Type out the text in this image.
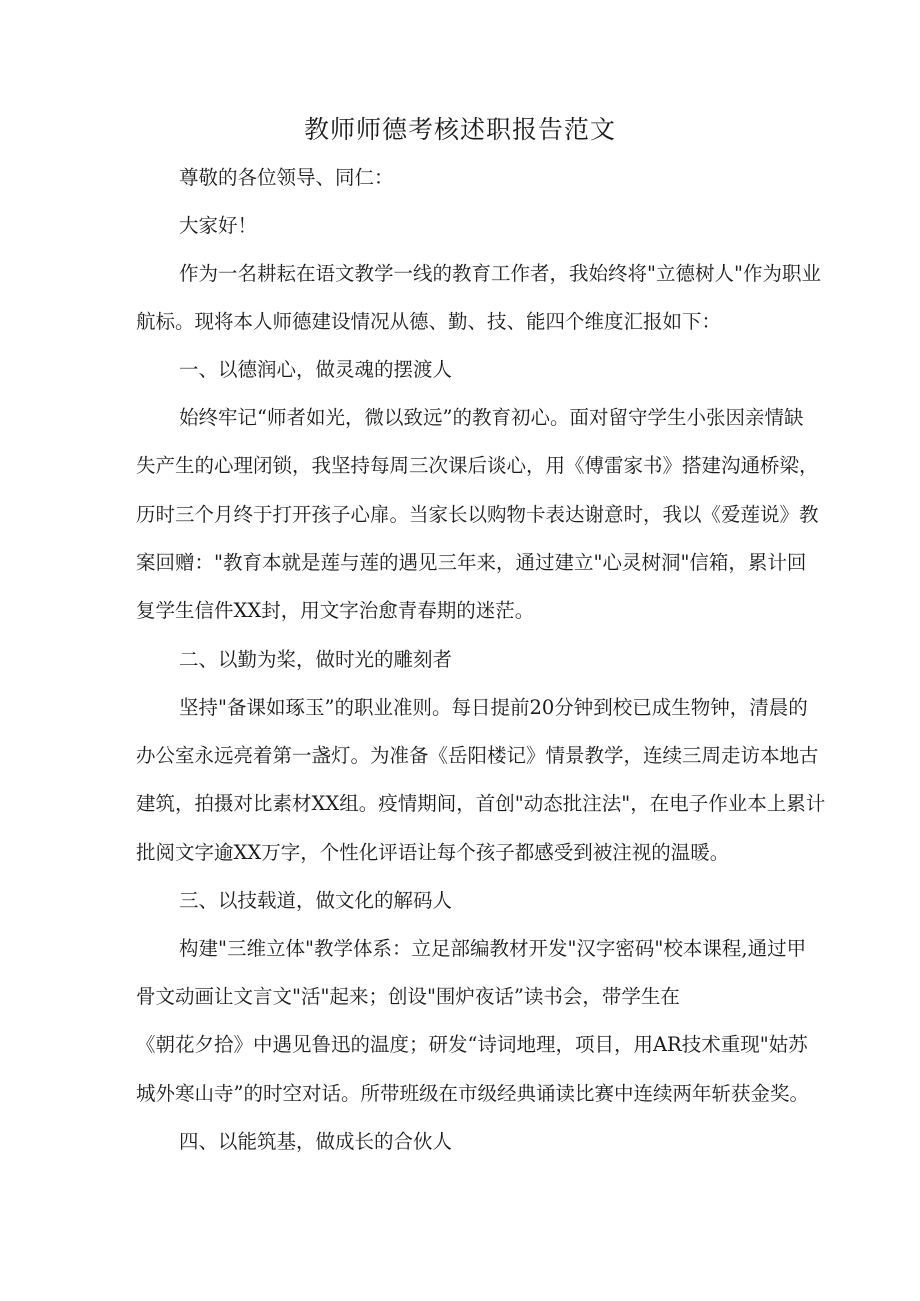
教师师德考核述职报告范文
尊敬的各位领导、同仁：
大家好！
作为一名耕耘在语文教学一线的教育工作者，我始终将"立德树人"作为职业
航标。现将本人师德建设情况从德、勤、技、能四个维度汇报如下：
一、以德润心，做灵魂的摆渡人
始终牢记“师者如光，微以致远”的教育初心。面对留守学生小张因亲情缺
失产生的心理闭锁，我坚持每周三次课后谈心，用《傅雷家书》搭建沟通桥梁，
历时三个月终于打开孩子心扉。当家长以购物卡表达谢意时，我以《爱莲说》教
案回赠："教育本就是莲与莲的遇见三年来，通过建立"心灵树洞"信箱，累计回
复学生信件XX封，用文字治愈青春期的迷茫。
二、以勤为桨，做时光的雕刻者
坚持"备课如琢玉”的职业准则。每日提前20分钟到校已成生物钟，清晨的
办公室永远亮着第一盏灯。为准备《岳阳楼记》情景教学，连续三周走访本地古
建筑，拍摄对比素材XX组。疫情期间，首创"动态批注法"，在电子作业本上累计
批阅文字逾XX万字，个性化评语让每个孩子都感受到被注视的温暖。
三、以技载道，做文化的解码人
构建"三维立体"教学体系：立足部编教材开发"汉字密码"校本课程,通过甲
骨文动画让文言文"活"起来；创设"围炉夜话”读书会，带学生在
《朝花夕拾》中遇见鲁迅的温度；研发“诗词地理，项目，用AR技术重现"姑苏
城外寒山寺”的时空对话。所带班级在市级经典诵读比赛中连续两年斩获金奖。
四、以能筑基，做成长的合伙人
